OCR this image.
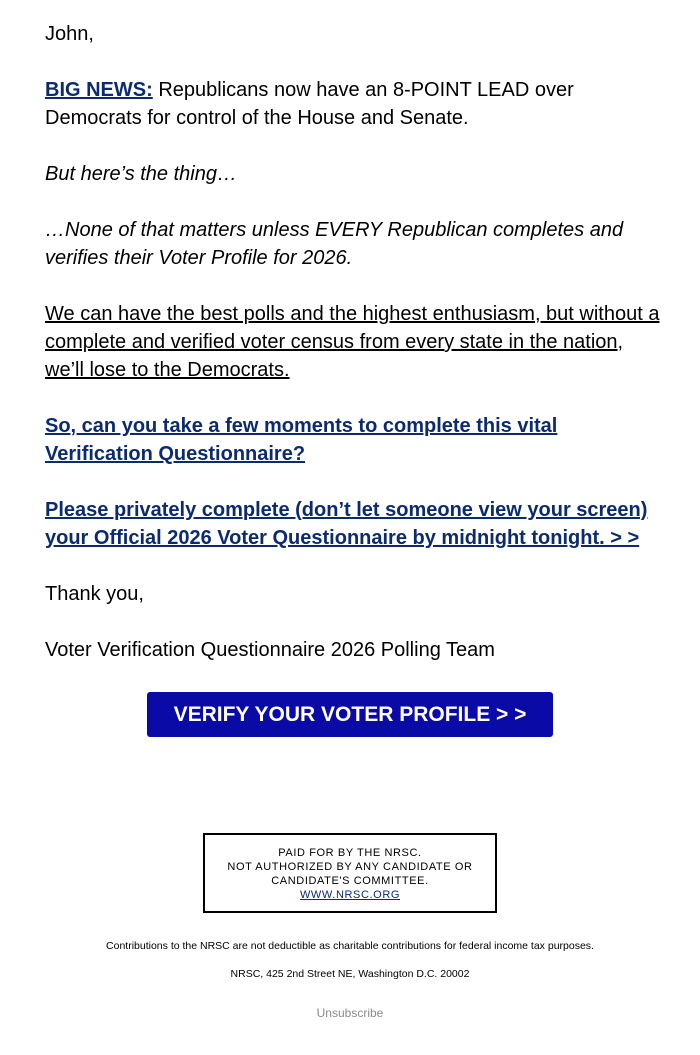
John,

BIG NEWS: Republicans now have an 8-POINT LEAD over Democrats for control of the House and Senate.

But here’s the thing…

…None of that matters unless EVERY Republican completes and verifies their Voter Profile for 2026.

We can have the best polls and the highest enthusiasm, but without a complete and verified voter census from every state in the nation, we’ll lose to the Democrats.

So, can you take a few moments to complete this vital Verification Questionnaire?

Please privately complete (don’t let someone view your screen) your Official 2026 Voter Questionnaire by midnight tonight. > >

Thank you,

Voter Verification Questionnaire 2026 Polling Team

VERIFY YOUR VOTER PROFILE > >
PAID FOR BY THE NRSC.
NOT AUTHORIZED BY ANY CANDIDATE OR
CANDIDATE'S COMMITTEE.
WWW.NRSC.ORG
Contributions to the NRSC are not deductible as charitable contributions for federal income tax purposes.
NRSC, 425 2nd Street NE, Washington D.C. 20002
Unsubscribe
